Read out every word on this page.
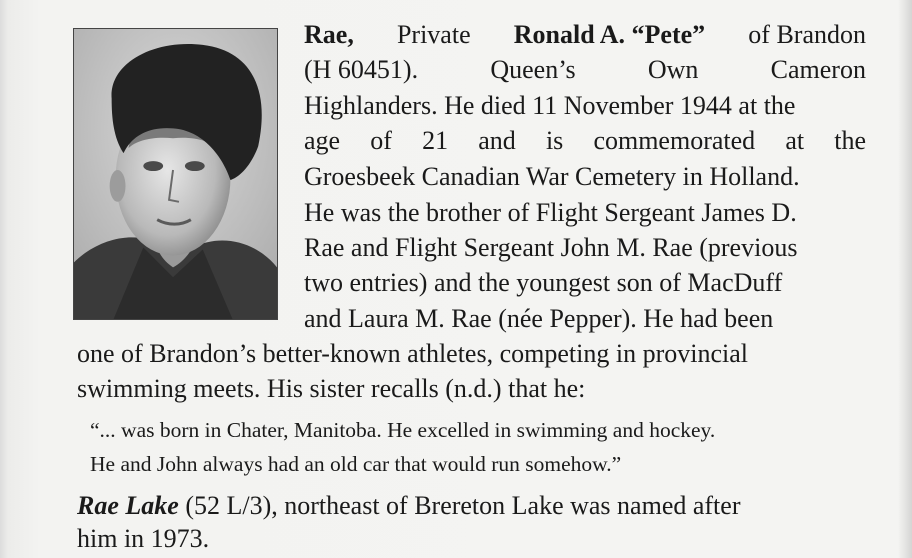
Rae, Private Ronald A. “Pete” of Brandon
(H 60451).	Queen’s	Own	Cameron
Highlanders. He died 11 November 1944 at the
age of 21 and is commemorated at the
Groesbeek Canadian War Cemetery in Holland.
He was the brother of Flight Sergeant James D.
Rae and Flight Sergeant John M. Rae (previous
two entries) and the youngest son of MacDuff
and Laura M. Rae (née Pepper). He had been
one of Brandon’s better-known athletes, competing in provincial
swimming meets. His sister recalls (n.d.) that he:
“... was born in Chater, Manitoba. He excelled in swimming and hockey.
He and John always had an old car that would run somehow.”
Rae Lake (52 L/3), northeast of Brereton Lake was named after
him in 1973.
